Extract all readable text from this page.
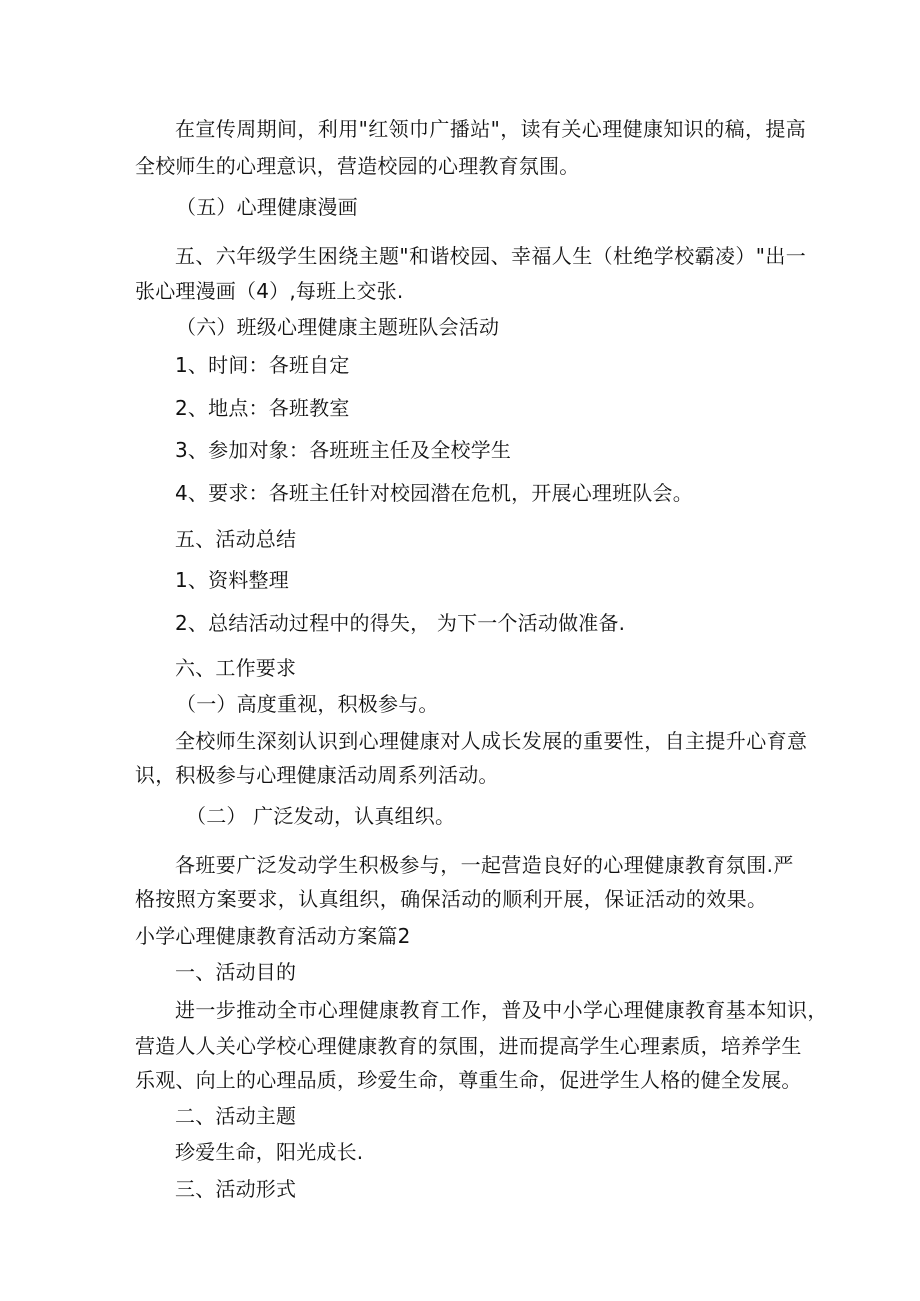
在宣传周期间，利用"红领巾广播站"，读有关心理健康知识的稿，提高
全校师生的心理意识，营造校园的心理教育氛围。
（五）心理健康漫画
五、六年级学生困绕主题"和谐校园、幸福人生（杜绝学校霸凌）"出一
张心理漫画（4）,每班上交张.
（六）班级心理健康主题班队会活动
1、时间：各班自定
2、地点：各班教室
3、参加对象：各班班主任及全校学生
4、要求：各班主任针对校园潜在危机，开展心理班队会。
五、活动总结
1、资料整理
2、总结活动过程中的得失， 为下一个活动做准备.
六、工作要求
（一）高度重视，积极参与。
全校师生深刻认识到心理健康对人成长发展的重要性，自主提升心育意
识，积极参与心理健康活动周系列活动。
（二） 广泛发动，认真组织。
各班要广泛发动学生积极参与，一起营造良好的心理健康教育氛围.严
格按照方案要求，认真组织，确保活动的顺利开展，保证活动的效果。
小学心理健康教育活动方案篇2
一、活动目的
进一步推动全市心理健康教育工作，普及中小学心理健康教育基本知识，
营造人人关心学校心理健康教育的氛围，进而提高学生心理素质，培养学生
乐观、向上的心理品质，珍爱生命，尊重生命，促进学生人格的健全发展。
二、活动主题
珍爱生命，阳光成长.
三、活动形式
